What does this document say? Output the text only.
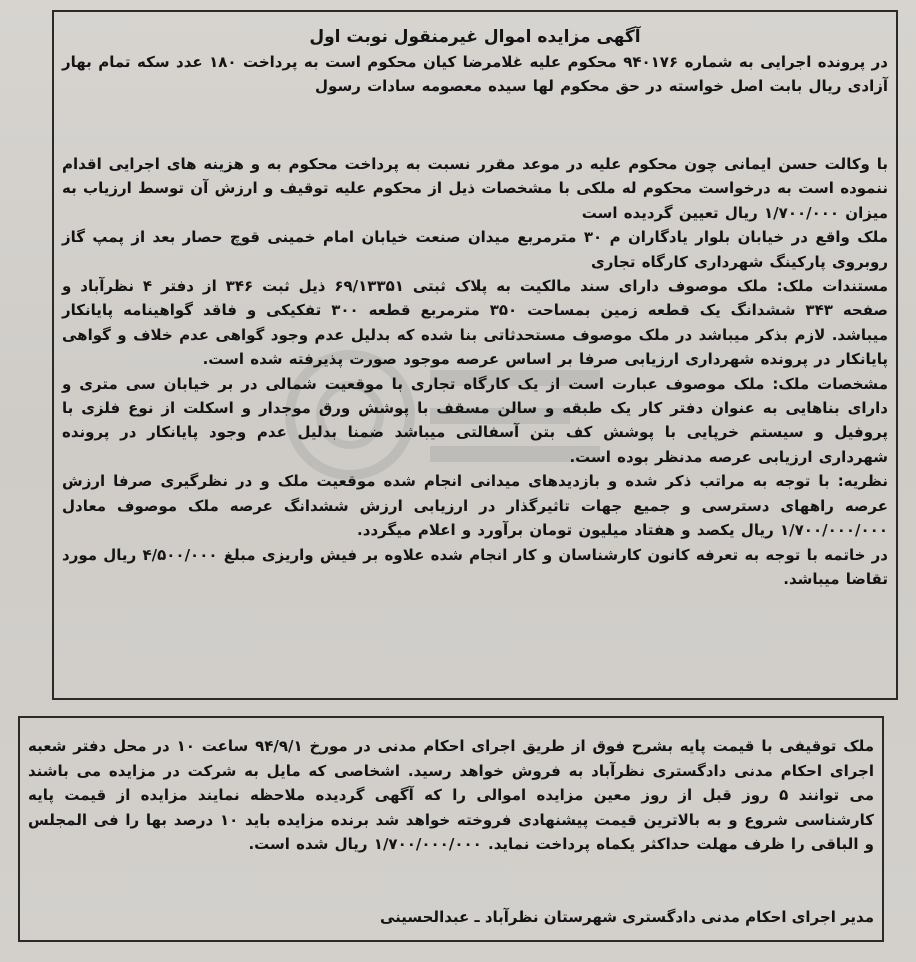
آگهی مزایده اموال غیرمنقول نوبت اول

در پرونده اجرایی به شماره ۹۴۰۱۷۶ محکوم علیه غلامرضا کیان محکوم است به پرداخت ۱۸۰ عدد سکه تمام بهار آزادی ریال بابت اصل خواسته در حق محکوم لها سیده معصومه سادات رسول

با وکالت حسن ایمانی چون محکوم علیه در موعد مقرر نسبت به پرداخت محکوم به و هزینه های اجرایی اقدام ننموده است به درخواست محکوم له ملکی با مشخصات ذیل از محکوم علیه توقیف و ارزش آن توسط ارزیاب به میزان ۱/۷۰۰/۰۰۰ ریال تعیین گردیده است

ملک واقع در خیابان بلوار یادگاران م ۳۰ مترمربع میدان صنعت خیابان امام خمینی قوچ حصار بعد از پمپ گاز روبروی پارکینگ شهرداری کارگاه تجاری

مستندات ملک: ملک موصوف دارای سند مالکیت به پلاک ثبتی ۶۹/۱۳۳۵۱ ذیل ثبت ۳۴۶ از دفتر ۴ نظرآباد و صفحه ۳۴۳ ششدانگ یک قطعه زمین بمساحت ۳۵۰ مترمربع قطعه ۳۰۰ تفکیکی و فاقد گواهینامه پایانکار میباشد. لازم بذکر میباشد در ملک موصوف مستحدثاتی بنا شده که بدلیل عدم وجود گواهی عدم خلاف و گواهی پایانکار در پرونده شهرداری ارزیابی صرفا بر اساس عرصه موجود صورت پذیرفته شده است.

مشخصات ملک: ملک موصوف عبارت است از یک کارگاه تجاری با موقعیت شمالی در بر خیابان سی متری و دارای بناهایی به عنوان دفتر کار یک طبقه و سالن مسقف با پوشش ورق موجدار و اسکلت از نوع فلزی با پروفیل و سیستم خرپایی با پوشش کف بتن آسفالتی میباشد ضمنا بدلیل عدم وجود پایانکار در پرونده شهرداری ارزیابی عرصه مدنظر بوده است.

نظریه: با توجه به مراتب ذکر شده و بازدیدهای میدانی انجام شده موقعیت ملک و در نظرگیری صرفا ارزش عرصه راههای دسترسی و جمیع جهات تاثیرگذار در ارزیابی ارزش ششدانگ عرصه ملک موصوف معادل ۱/۷۰۰/۰۰۰/۰۰۰ ریال یکصد و هفتاد میلیون تومان برآورد و اعلام میگردد.

در خاتمه با توجه به تعرفه کانون کارشناسان و کار انجام شده علاوه بر فیش واریزی مبلغ ۴/۵۰۰/۰۰۰ ریال مورد تقاضا میباشد.

ملک توقیفی با قیمت پایه بشرح فوق از طریق اجرای احکام مدنی در مورخ ۹۴/۹/۱ ساعت ۱۰ در محل دفتر شعبه اجرای احکام مدنی دادگستری نظرآباد به فروش خواهد رسید. اشخاصی که مایل به شرکت در مزایده می باشند می توانند ۵ روز قبل از روز معین مزایده اموالی را که آگهی گردیده ملاحظه نمایند مزایده از قیمت پایه کارشناسی شروع و به بالاترین قیمت پیشنهادی فروخته خواهد شد برنده مزایده باید ۱۰ درصد بها را فی المجلس و الباقی را ظرف مهلت حداکثر یکماه پرداخت نماید. ۱/۷۰۰/۰۰۰/۰۰۰ ریال شده است.

مدیر اجرای احکام مدنی دادگستری شهرستان نظرآباد ـ عبدالحسینی
